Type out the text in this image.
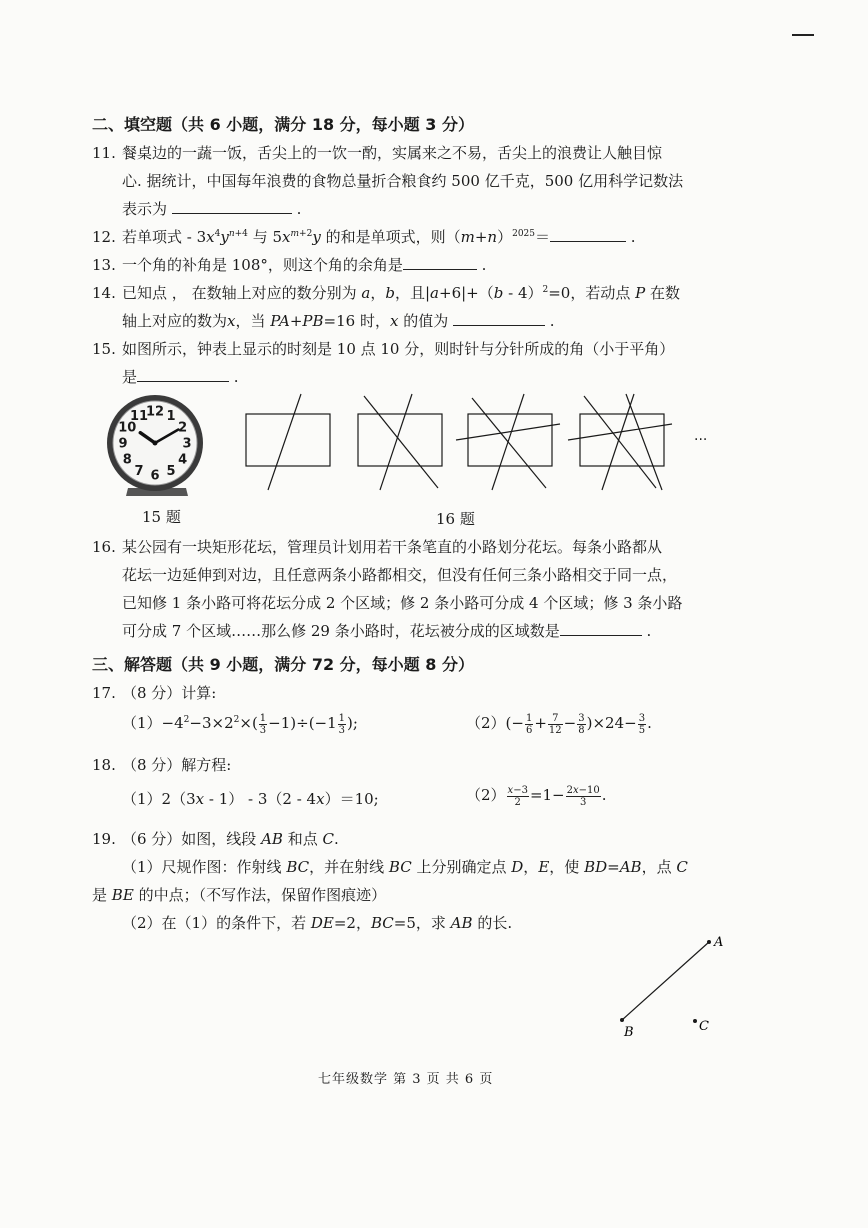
二、填空题（共 6 小题，满分 18 分，每小题 3 分）
11. 餐桌边的一蔬一饭，舌尖上的一饮一酌，实属来之不易，舌尖上的浪费让人触目惊
心. 据统计，中国每年浪费的食物总量折合粮食约 500 亿千克，500 亿用科学记数法
表示为	.
12. 若单项式 - $3x^4y^{n+4}$ 与 $5x^{m+2}y$ 的和是单项式，则$(m+n)^{2025}=$	.
13. 一个角的补角是 108°，则这个角的余角是	.
14. 已知点 ， 在数轴上对应的数分别为 a，b，且|a+6|+（b - 4）$^2$=0，若动点 P 在数
轴上对应的数为x，当 PA+PB=16 时，x 的值为	.
15. 如图所示，钟表上显示的时刻是 10 点 10 分，则时针与分针所成的角（小于平角）
是	.
12 1
2
3
4
5
6
7
8
9
10
11
···
15 题	16 题
16. 某公园有一块矩形花坛，管理员计划用若干条笔直的小路划分花坛。每条小路都从
花坛一边延伸到对边，且任意两条小路都相交，但没有任何三条小路相交于同一点，
已知修 1 条小路可将花坛分成 2 个区域；修 2 条小路可分成 4 个区域；修 3 条小路
可分成 7 个区域……那么修 29 条小路时，花坛被分成的区域数是	.
三、解答题（共 9 小题，满分 72 分，每小题 8 分）
17. （8 分）计算:
$(1)-4^2-3\times 2^2\times( \frac{1}{3} -1)\div(-1 \frac{1}{3}$ );	$(2)(- \frac{1}{6} + \frac{7}{12} - \frac{3}{8} )\times 24- \frac{3}{5}$ .
18. （8 分）解方程:
（1）2（3x - 1） - 3（2 - 4x）＝10;	$(2) \frac{x-3}{2} =1- \frac{2x-10}{3}$ .
19. （6 分）如图，线段 AB 和点 C.
（1）尺规作图：作射线 BC，并在射线 BC 上分别确定点 D，E，使 BD=AB，点 C
是 BE 的中点；（不写作法，保留作图痕迹）
（2）在（1）的条件下，若 DE=2，BC=5，求 AB 的长.
A
B	C
七年级数学 第 3 页 共 6 页
